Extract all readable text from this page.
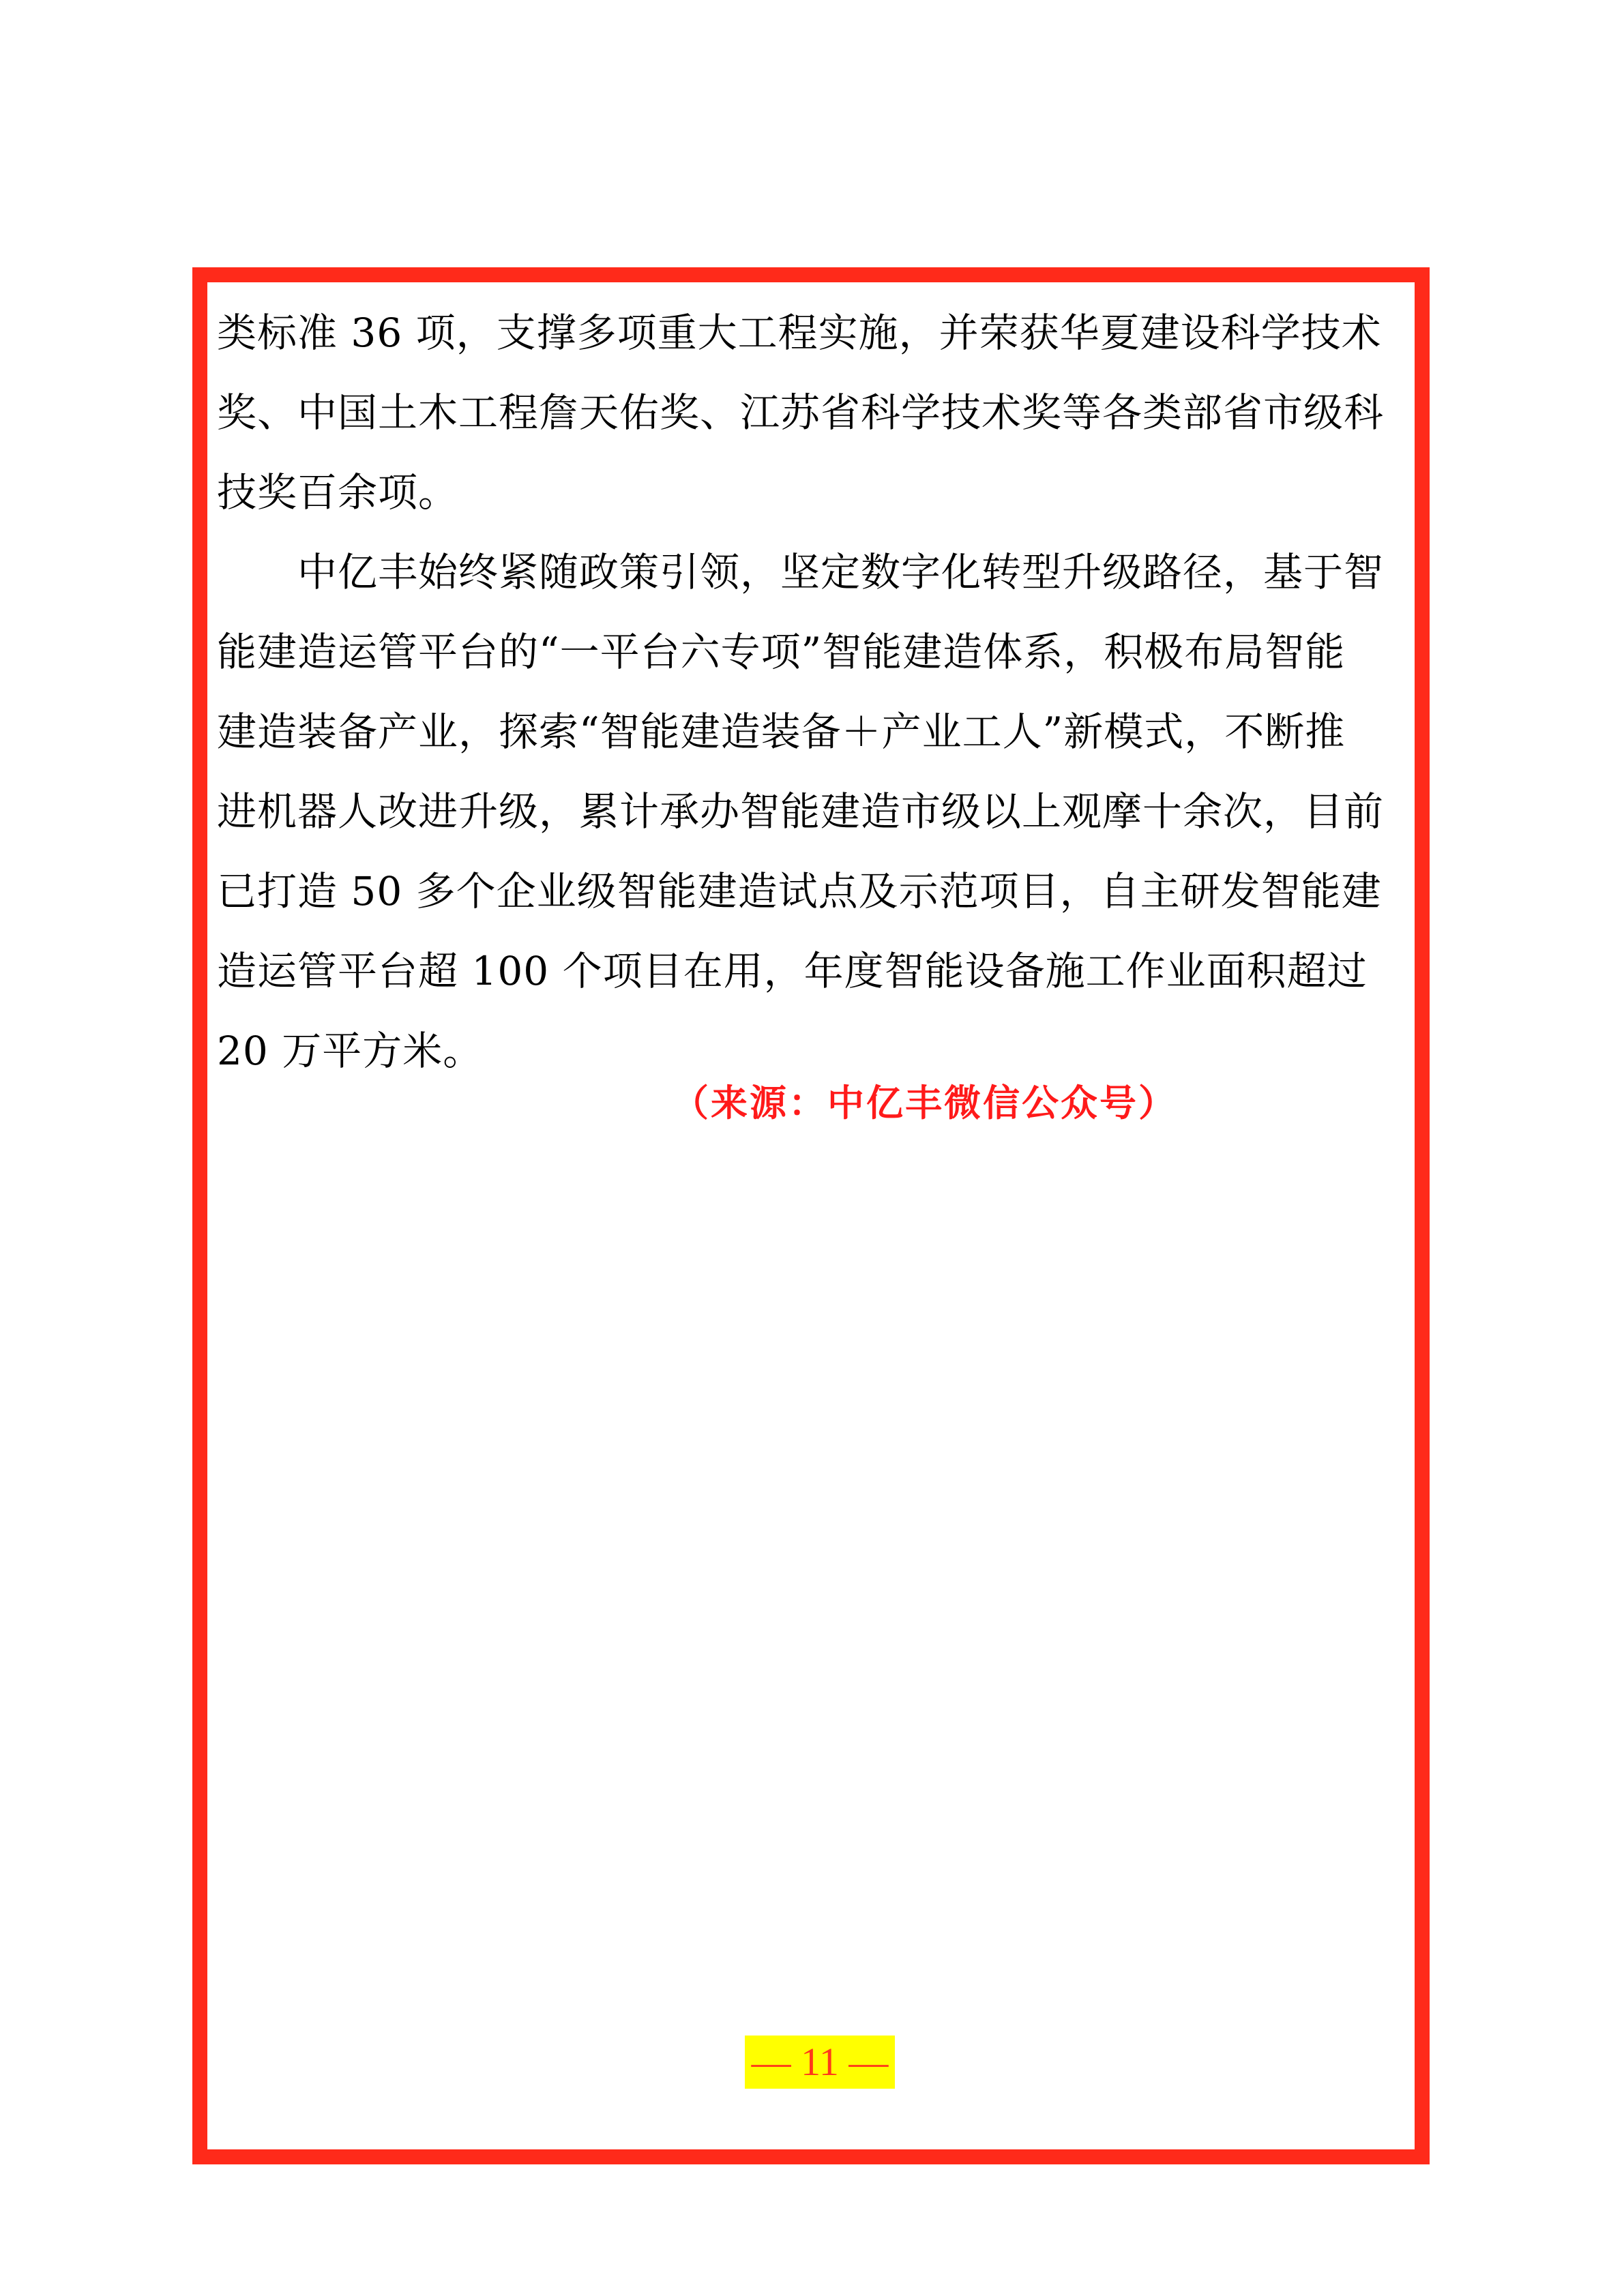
类标准 36 项，支撑多项重大工程实施，并荣获华夏建设科学技术
奖、中国土木工程詹天佑奖、江苏省科学技术奖等各类部省市级科
技奖百余项。
　　中亿丰始终紧随政策引领，坚定数字化转型升级路径，基于智
能建造运管平台的“一平台六专项”智能建造体系，积极布局智能
建造装备产业，探索“智能建造装备＋产业工人”新模式，不断推
进机器人改进升级，累计承办智能建造市级以上观摩十余次，目前
已打造 50 多个企业级智能建造试点及示范项目，自主研发智能建
造运管平台超 100 个项目在用，年度智能设备施工作业面积超过
20 万平方米。
（来源：中亿丰微信公众号）
— 11 —
